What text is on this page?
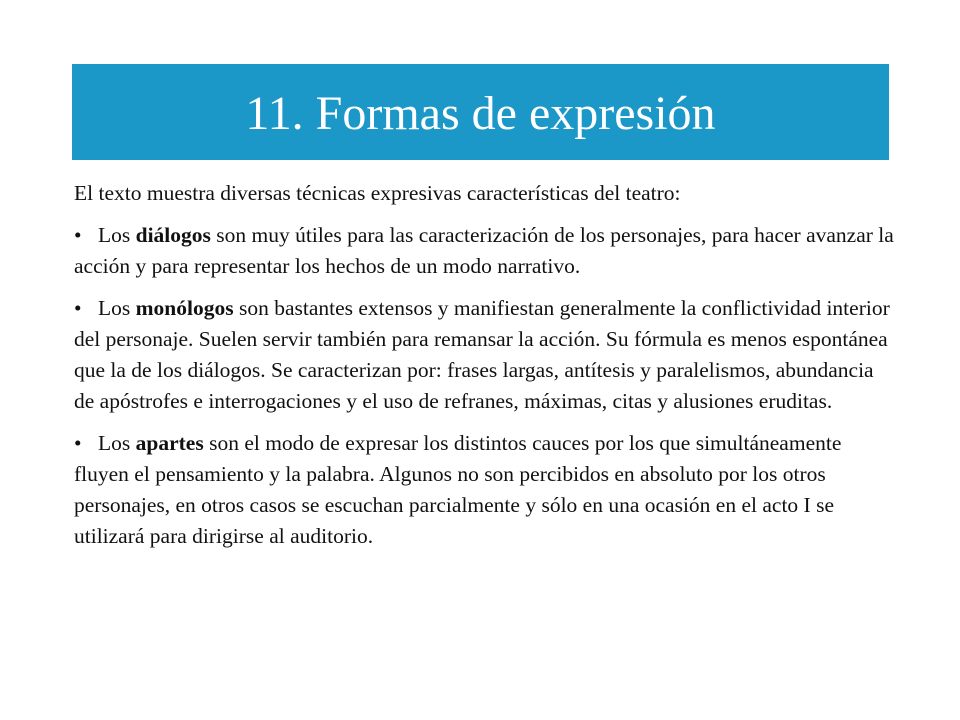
11. Formas de expresión

El texto muestra diversas técnicas expresivas características del teatro:

• Los diálogos son muy útiles para las caracterización de los personajes, para hacer avanzar la acción y para representar los hechos de un modo narrativo.

• Los monólogos son bastantes extensos y manifiestan generalmente la conflictividad interior del personaje. Suelen servir también para remansar la acción. Su fórmula es menos espontánea que la de los diálogos. Se caracterizan por: frases largas, antítesis y paralelismos, abundancia de apóstrofes e interrogaciones y el uso de refranes, máximas, citas y alusiones eruditas.

• Los apartes son el modo de expresar los distintos cauces por los que simultáneamente fluyen el pensamiento y la palabra. Algunos no son percibidos en absoluto por los otros personajes, en otros casos se escuchan parcialmente y sólo en una ocasión en el acto I se utilizará para dirigirse al auditorio.
